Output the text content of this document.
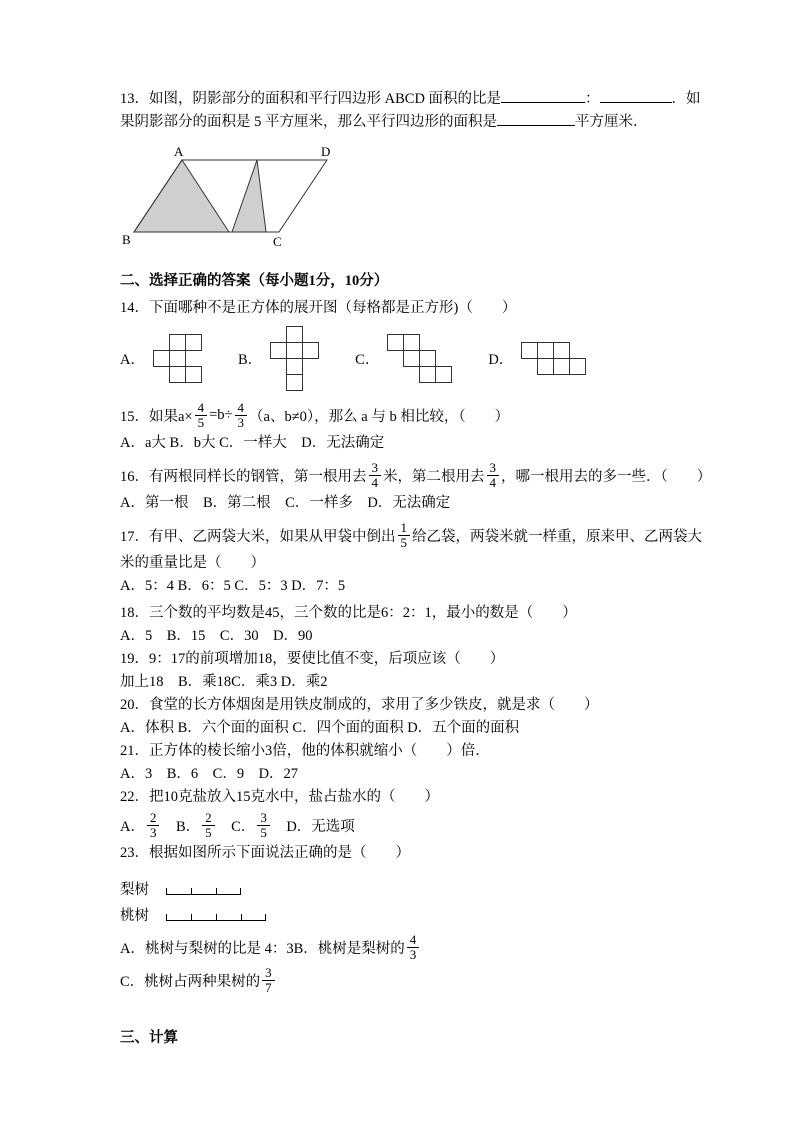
13．如图，阴影部分的面积和平行四边形 ABCD 面积的比是	：	．如
果阴影部分的面积是 5 平方厘米，那么平行四边形的面积是	平方厘米．
A	D
B	C
二、选择正确的答案（每小题1分，10分）
14．下面哪种不是正方体的展开图（每格都是正方形)（　　）
A．	B．	C．	D．
15．如果$a\times \frac{4}{5} =b\div \frac{4}{3} (a$、b≠0），那么 a 与 b 相比较，（　　）
A．a大 B．b大 C．一样大　D．无法确定
16．有两根同样长的钢管，第一根用去 $\frac{3}{4}$ 米，第二根用去 $\frac{3}{4}$ ，哪一根用去的多一些．（　　）
A．第一根　B．第二根　C．一样多　D．无法确定
17．有甲、乙两袋大米，如果从甲袋中倒出 $\frac{1}{5}$ 给乙袋，两袋米就一样重，原来甲、乙两袋大
米的重量比是（　　）
A．5：4 B．6：5 C．5：3 D．7：5
18．三个数的平均数是45，三个数的比是6：2：1，最小的数是（　　）
A．5　B．15　C．30　D．90
19．9：17的前项增加18，要使比值不变，后项应该（　　）
加上18　B．乘18C．乘3 D．乘2
20．食堂的长方体烟囱是用铁皮制成的，求用了多少铁皮，就是求（　　）
A．体积 B．六个面的面积 C．四个面的面积 D．五个面的面积
21．正方体的棱长缩小3倍，他的体积就缩小（　　）倍．
A．3　B．6　C．9　D．27
22．把10克盐放入15克水中，盐占盐水的（　　）
A． $\frac{2}{3}$ 　B． $\frac{2}{5}$ 　C． $\frac{3}{5}$ 　D．无选项
23．根据如图所示下面说法正确的是（　　）
梨树
桃树
A．桃树与梨树的比是 4：3B．桃树是梨树的 $\frac{4}{3}$
C．桃树占两种果树的 $\frac{3}{7}$
三、计算
